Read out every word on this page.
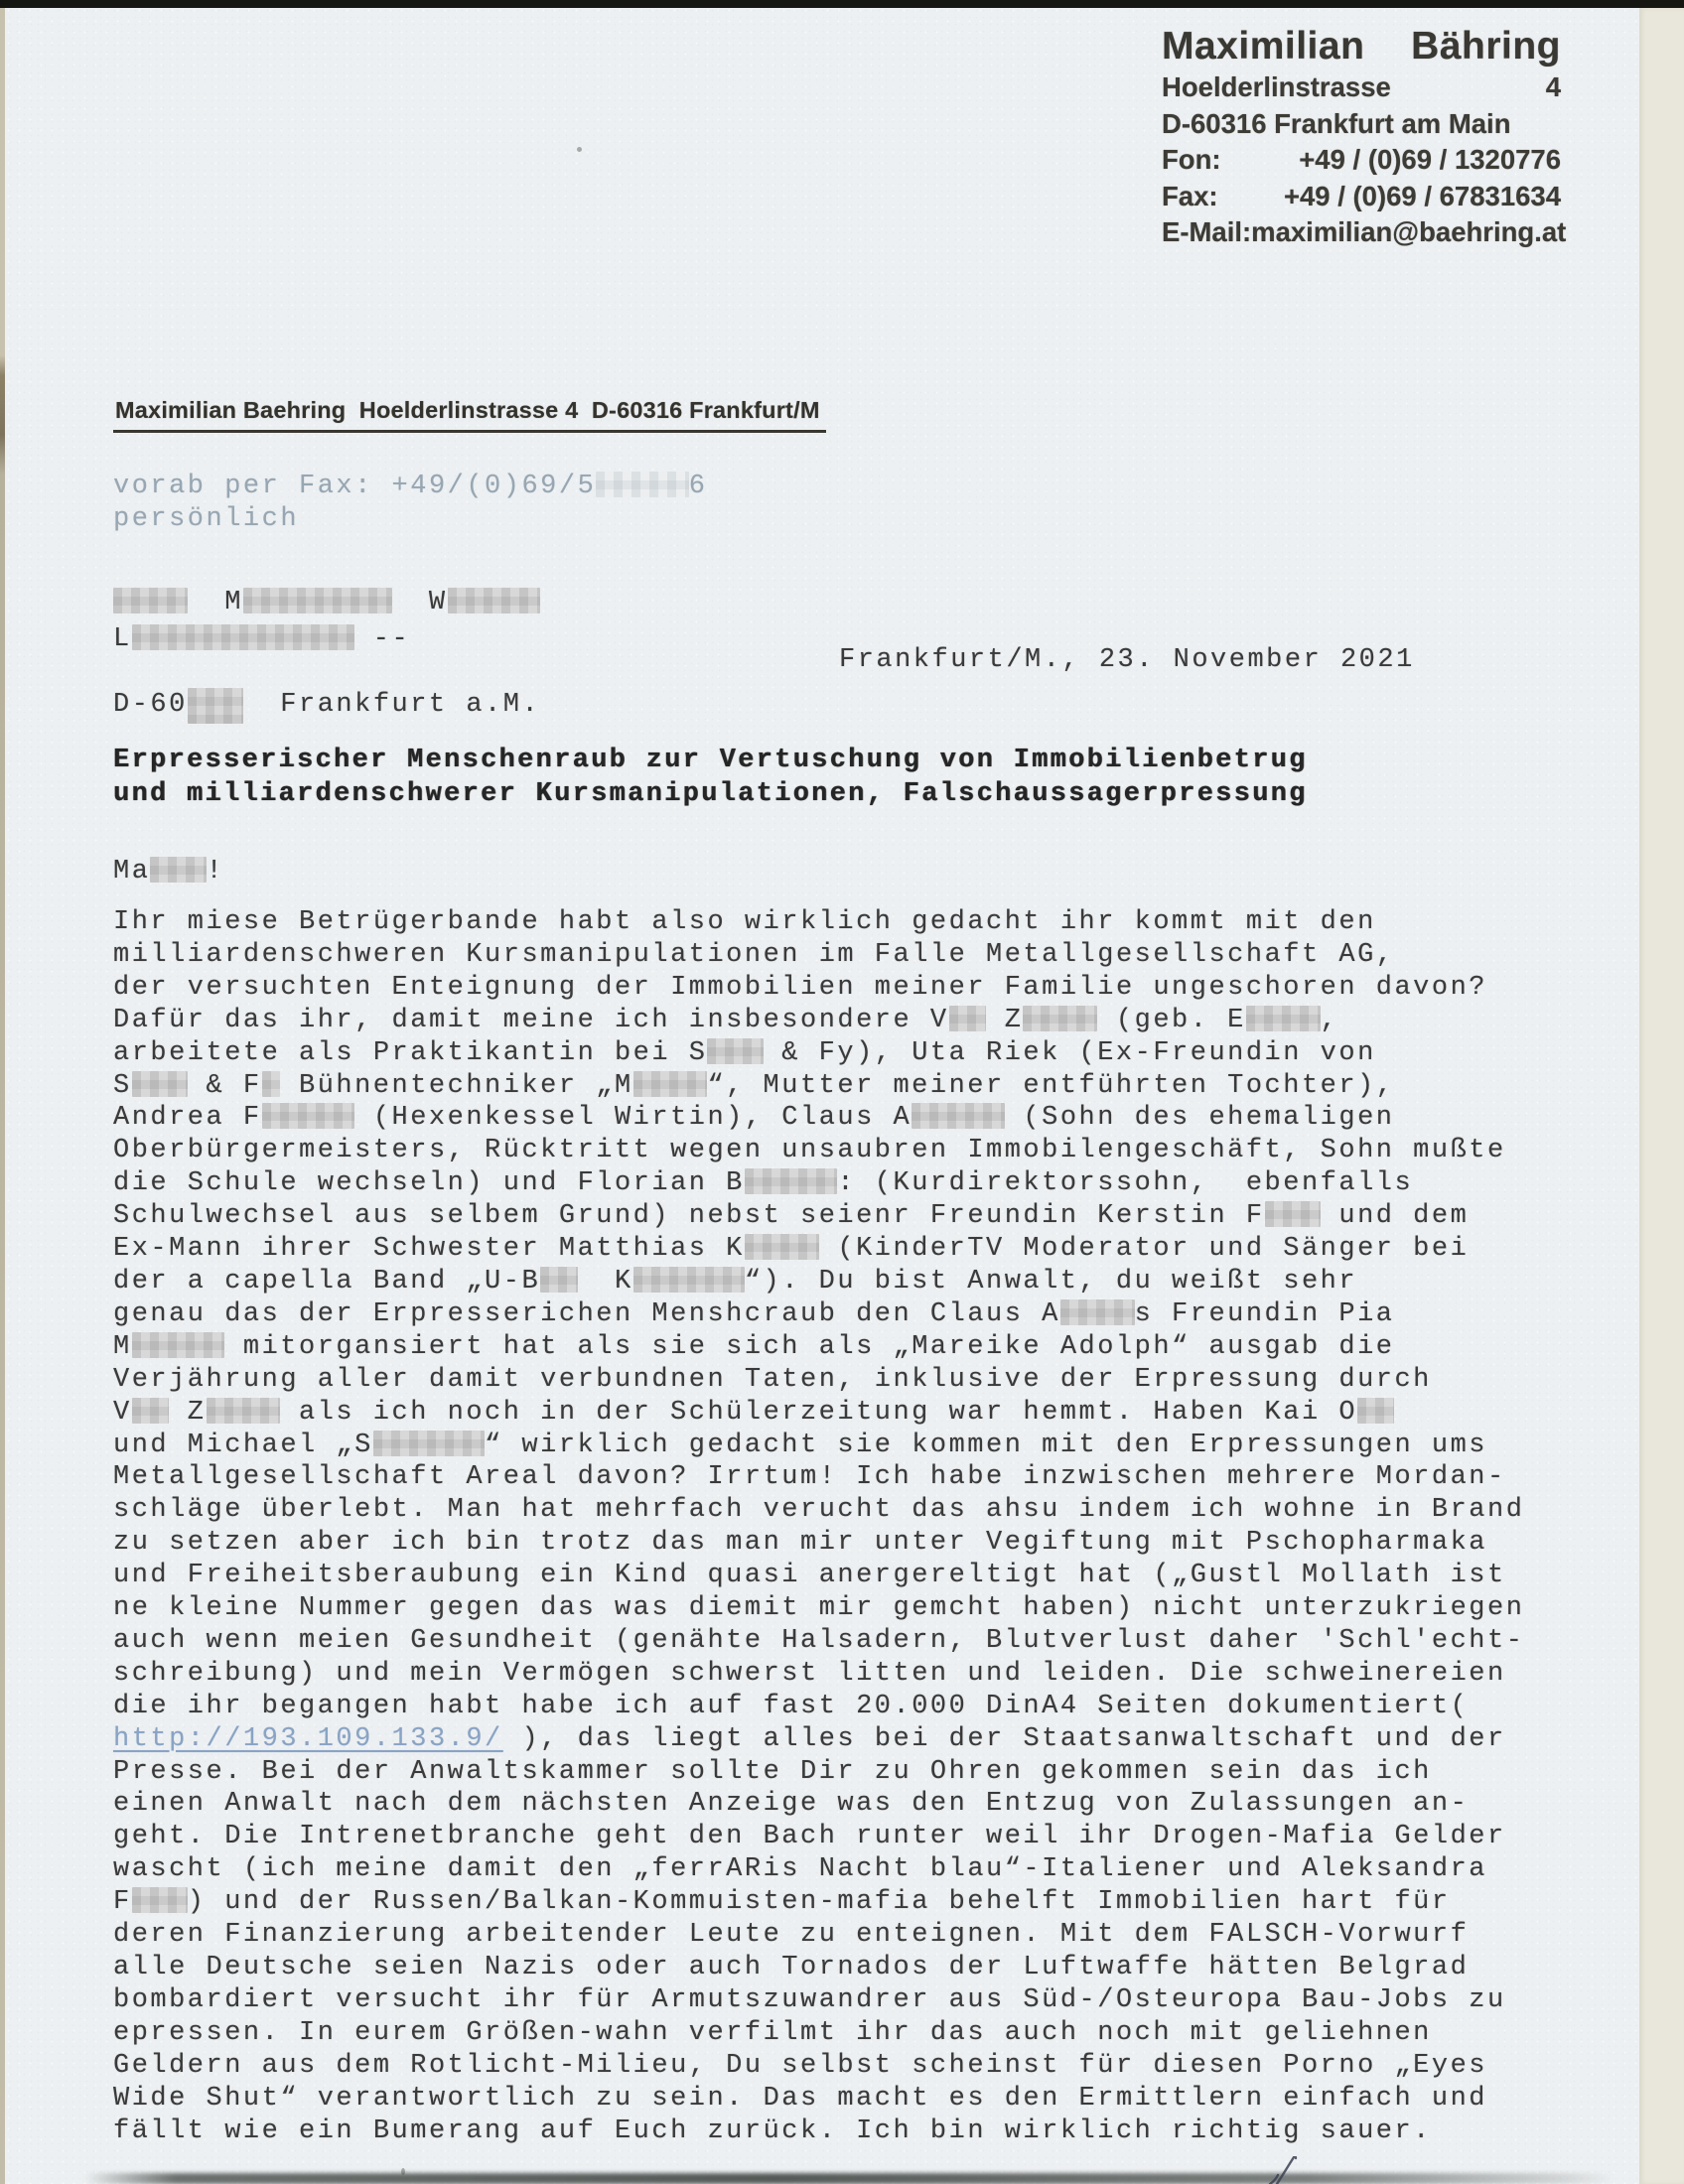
Maximilian Bähring
Hoelderlinstrasse	4
D-60316 Frankfurt am Main
Fon:	+49 / (0)69 / 1320776
Fax: +49 / (0)69 / 67831634
E-Mail: maximilian@baehring.at
Maximilian Baehring  Hoelderlinstrasse 4  D-60316 Frankfurt/M
vorab per Fax: +49/(0)69/5	6
persönlich
M	W
L	--
D-60  Frankfurt a.M.
Frankfurt/M., 23. November 2021
Erpresserischer Menschenraub zur Vertuschung von Immobilienbetrug
und milliardenschwerer Kursmanipulationen, Falschaussagerpressung
Ma !
Ihr miese Betrügerbande habt also wirklich gedacht ihr kommt mit den
milliardenschweren Kursmanipulationen im Falle Metallgesellschaft AG,
der versuchten Enteignung der Immobilien meiner Familie ungeschoren davon?
Dafür das ihr, damit meine ich insbesondere V Z	(geb. E	,
arbeitete als Praktikantin bei S & Fy), Uta Riek (Ex-Freundin von
S & F Bühnentechniker „M	“, Mutter meiner entführten Tochter),
Andrea F	(Hexenkessel Wirtin), Claus A	(Sohn des ehemaligen
Oberbürgermeisters, Rücktritt wegen unsaubren Immobilengeschäft, Sohn mußte
die Schule wechseln) und Florian B	: (Kurdirektorssohn,  ebenfalls
Schulwechsel aus selbem Grund) nebst seienr Freundin Kerstin F und dem
Ex-Mann ihrer Schwester Matthias K	(KinderTV Moderator und Sänger bei
der a capella Band „U-B  K	“). Du bist Anwalt, du weißt sehr
genau das der Erpresserichen Menshcraub den Claus A	s Freundin Pia
M	mitorgansiert hat als sie sich als „Mareike Adolph“ ausgab die
Verjährung aller damit verbundnen Taten, inklusive der Erpressung durch
V Z	als ich noch in der Schülerzeitung war hemmt. Haben Kai O
und Michael „S	“ wirklich gedacht sie kommen mit den Erpressungen ums
Metallgesellschaft Areal davon? Irrtum! Ich habe inzwischen mehrere Mordan-
schläge überlebt. Man hat mehrfach verucht das ahsu indem ich wohne in Brand
zu setzen aber ich bin trotz das man mir unter Vegiftung mit Pschopharmaka
und Freiheitsberaubung ein Kind quasi anergereltigt hat („Gustl Mollath ist
ne kleine Nummer gegen das was diemit mir gemcht haben) nicht unterzukriegen
auch wenn meien Gesundheit (genähte Halsadern, Blutverlust daher 'Schl'echt-
schreibung) und mein Vermögen schwerst litten und leiden. Die schweinereien
die ihr begangen habt habe ich auf fast 20.000 DinA4 Seiten dokumentiert(
http://193.109.133.9/ ), das liegt alles bei der Staatsanwaltschaft und der
Presse. Bei der Anwaltskammer sollte Dir zu Ohren gekommen sein das ich
einen Anwalt nach dem nächsten Anzeige was den Entzug von Zulassungen an-
geht. Die Intrenetbranche geht den Bach runter weil ihr Drogen-Mafia Gelder
wascht (ich meine damit den „ferrARis Nacht blau“-Italiener und Aleksandra
F ) und der Russen/Balkan-Kommuisten-mafia behelft Immobilien hart für
deren Finanzierung arbeitender Leute zu enteignen. Mit dem FALSCH-Vorwurf
alle Deutsche seien Nazis oder auch Tornados der Luftwaffe hätten Belgrad
bombardiert versucht ihr für Armutszuwandrer aus Süd-/Osteuropa Bau-Jobs zu
epressen. In eurem Größen-wahn verfilmt ihr das auch noch mit geliehnen
Geldern aus dem Rotlicht-Milieu, Du selbst scheinst für diesen Porno „Eyes
Wide Shut“ verantwortlich zu sein. Das macht es den Ermittlern einfach und
fällt wie ein Bumerang auf Euch zurück. Ich bin wirklich richtig sauer.
